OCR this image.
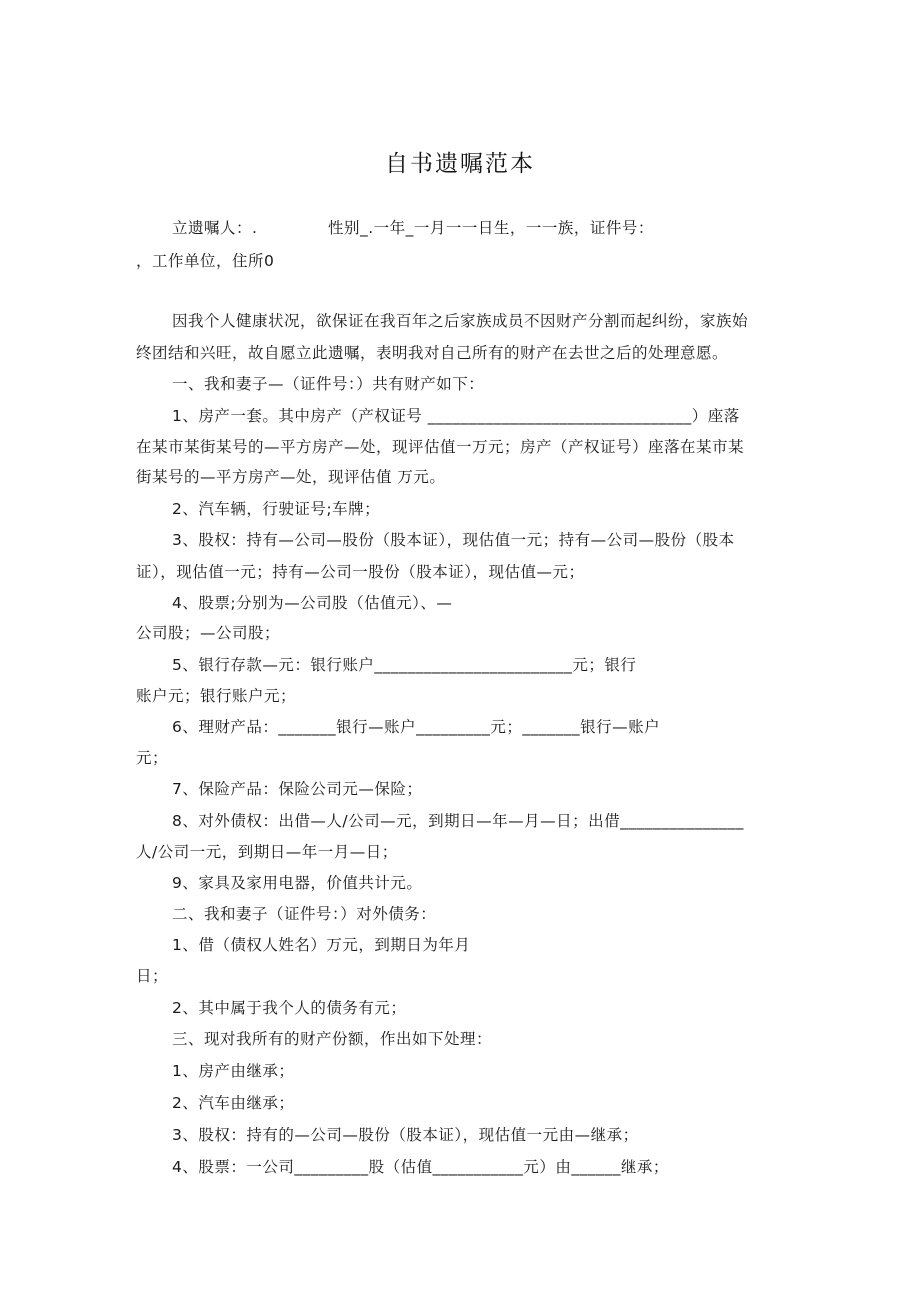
自书遗嘱范本
立遗嘱人：.             性别_.一年_一月一一日生，一一族，证件号：
，工作单位，住所0
因我个人健康状况，欲保证在我百年之后家族成员不因财产分割而起纠纷，家族始
终团结和兴旺，故自愿立此遗嘱，表明我对自己所有的财产在去世之后的处理意愿。
一、我和妻子—（证件号：）共有财产如下：
1、房产一套。其中房产（产权证号 ________________________________）座落
在某市某街某号的—平方房产—处，现评估值一万元；房产（产权证号）座落在某市某
街某号的—平方房产—处，现评估值 万元。
2、汽车辆，行驶证号;车牌；
3、股权：持有—公司—股份（股本证），现估值一元；持有—公司—股份（股本
证），现估值一元；持有—公司一股份（股本证），现估值—元；
4、股票;分别为—公司股（估值元）、—
公司股；—公司股；
5、银行存款—元：银行账户________________________元；银行
账户元；银行账户元；
6、理财产品：_______银行—账户_________元；_______银行—账户
元；
7、保险产品：保险公司元—保险；
8、对外债权：出借—人/公司—元，到期日—年—月—日；出借_______________
人/公司一元，到期日—年一月—日；
9、家具及家用电器，价值共计元。
二、我和妻子（证件号：）对外债务：
1、借（债权人姓名）万元，到期日为年月
日；
2、其中属于我个人的债务有元；
三、现对我所有的财产份额，作出如下处理：
1、房产由继承；
2、汽车由继承；
3、股权：持有的—公司—股份（股本证），现估值一元由—继承；
4、股票：一公司_________股（估值___________元）由______继承；
